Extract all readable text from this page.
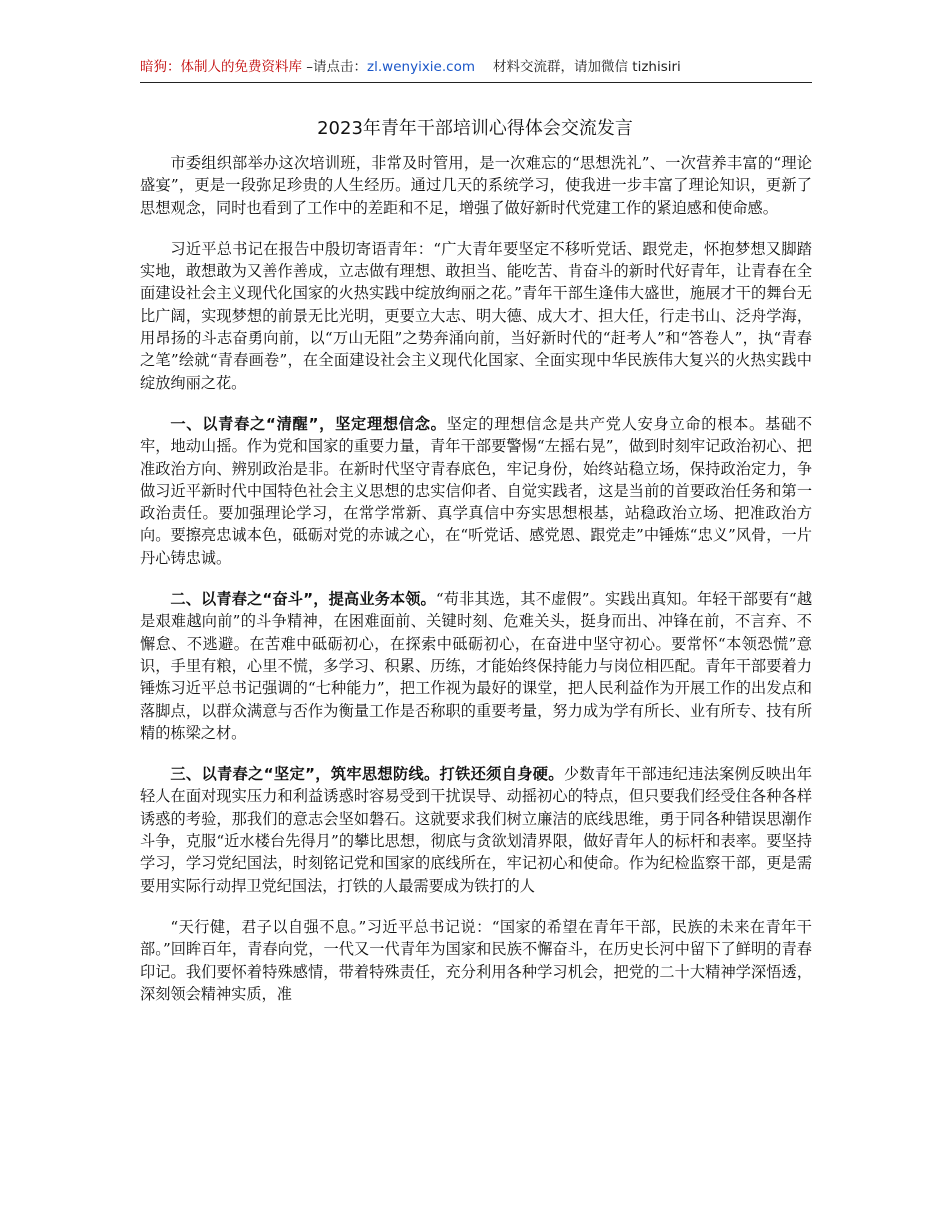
暗狗：体制人的免费资料库 –请点击：zl.wenyixie.com 材料交流群，请加微信 tizhisiri
2023年青年干部培训心得体会交流发言

市委组织部举办这次培训班，非常及时管用，是一次难忘的“思想洗礼”、一次营养丰富的“理论盛宴”，更是一段弥足珍贵的人生经历。通过几天的系统学习，使我进一步丰富了理论知识，更新了思想观念，同时也看到了工作中的差距和不足，增强了做好新时代党建工作的紧迫感和使命感。

习近平总书记在报告中殷切寄语青年：“广大青年要坚定不移听党话、跟党走，怀抱梦想又脚踏实地，敢想敢为又善作善成，立志做有理想、敢担当、能吃苦、肯奋斗的新时代好青年，让青春在全面建设社会主义现代化国家的火热实践中绽放绚丽之花。”青年干部生逢伟大盛世，施展才干的舞台无比广阔，实现梦想的前景无比光明，更要立大志、明大德、成大才、担大任，行走书山、泛舟学海，用昂扬的斗志奋勇向前，以“万山无阻”之势奔涌向前，当好新时代的“赶考人”和“答卷人”，执“青春之笔”绘就“青春画卷”，在全面建设社会主义现代化国家、全面实现中华民族伟大复兴的火热实践中绽放绚丽之花。

一、以青春之“清醒”，坚定理想信念。坚定的理想信念是共产党人安身立命的根本。基础不牢，地动山摇。作为党和国家的重要力量，青年干部要警惕“左摇右晃”，做到时刻牢记政治初心、把准政治方向、辨别政治是非。在新时代坚守青春底色，牢记身份，始终站稳立场，保持政治定力，争做习近平新时代中国特色社会主义思想的忠实信仰者、自觉实践者，这是当前的首要政治任务和第一政治责任。要加强理论学习，在常学常新、真学真信中夯实思想根基，站稳政治立场、把准政治方向。要擦亮忠诚本色，砥砺对党的赤诚之心，在“听党话、感党恩、跟党走”中锤炼“忠义”风骨，一片丹心铸忠诚。

二、以青春之“奋斗”，提高业务本领。“苟非其选，其不虚假”。实践出真知。年轻干部要有“越是艰难越向前”的斗争精神，在困难面前、关键时刻、危难关头，挺身而出、冲锋在前，不言弃、不懈怠、不逃避。在苦难中砥砺初心，在探索中砥砺初心，在奋进中坚守初心。要常怀“本领恐慌”意识，手里有粮，心里不慌，多学习、积累、历练，才能始终保持能力与岗位相匹配。青年干部要着力锤炼习近平总书记强调的“七种能力”，把工作视为最好的课堂，把人民利益作为开展工作的出发点和落脚点，以群众满意与否作为衡量工作是否称职的重要考量，努力成为学有所长、业有所专、技有所精的栋梁之材。

三、以青春之“坚定”，筑牢思想防线。打铁还须自身硬。少数青年干部违纪违法案例反映出年轻人在面对现实压力和利益诱惑时容易受到干扰误导、动摇初心的特点，但只要我们经受住各种各样诱惑的考验，那我们的意志会坚如磐石。这就要求我们树立廉洁的底线思维，勇于同各种错误思潮作斗争，克服“近水楼台先得月”的攀比思想，彻底与贪欲划清界限，做好青年人的标杆和表率。要坚持学习，学习党纪国法，时刻铭记党和国家的底线所在，牢记初心和使命。作为纪检监察干部，更是需要用实际行动捍卫党纪国法，打铁的人最需要成为铁打的人

“天行健，君子以自强不息。”习近平总书记说：“国家的希望在青年干部，民族的未来在青年干部。”回眸百年，青春向党，一代又一代青年为国家和民族不懈奋斗，在历史长河中留下了鲜明的青春印记。我们要怀着特殊感情，带着特殊责任，充分利用各种学习机会，把党的二十大精神学深悟透，深刻领会精神实质，准
